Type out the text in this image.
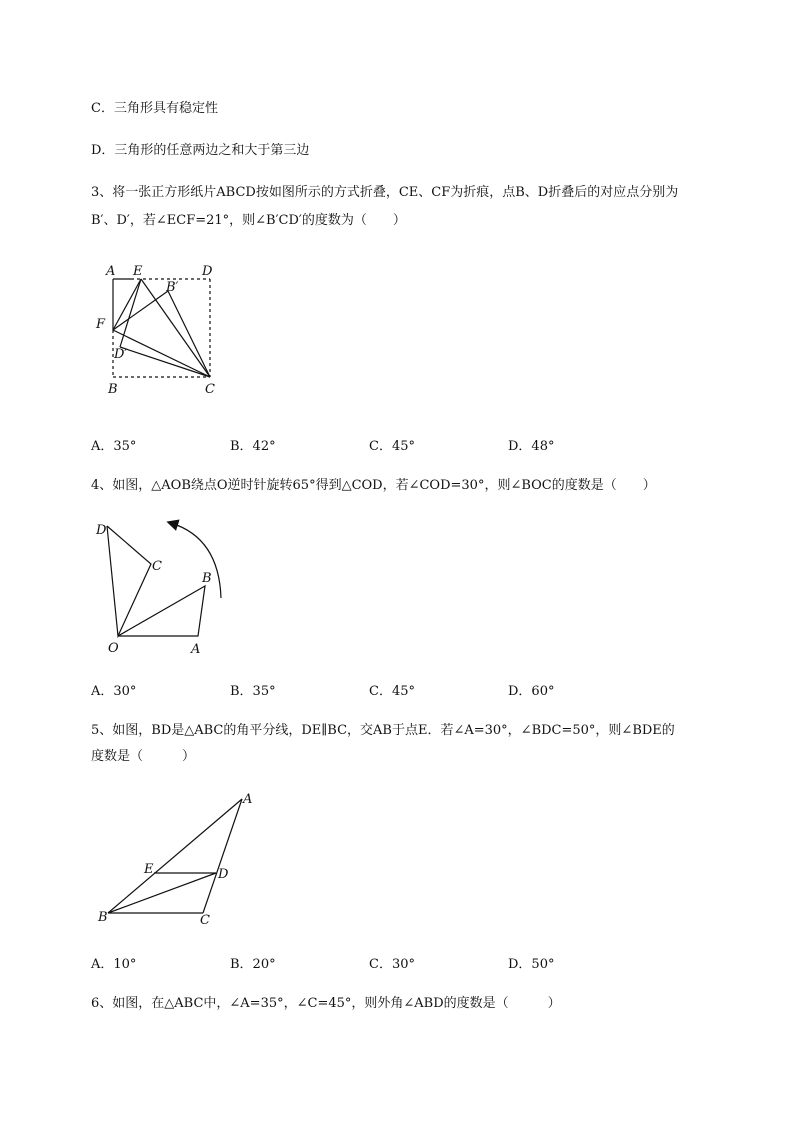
C．三角形具有稳定性
D．三角形的任意两边之和大于第三边
3、将一张正方形纸片ABCD按如图所示的方式折叠，CE、CF为折痕，点B、D折叠后的对应点分别为
B′、D′，若∠ECF=21°，则∠B′CD′的度数为（　　）
A E	D
B′
F
D′
B	C
A．35°	B．42°	C．45°	D．48°
4、如图，△AOB绕点O逆时针旋转65°得到△COD，若∠COD=30°，则∠BOC的度数是（　　）
D
C
B
O	A
A．30°	B．35°	C．45°	D．60°
5、如图，BD是△ABC的角平分线，DE∥BC，交AB于点E．若∠A=30°，∠BDC=50°，则∠BDE的
度数是（　　　）
A
E	D
B	C
A．10°	B．20°	C．30°	D．50°
6、如图，在△ABC中，∠A=35°，∠C=45°，则外角∠ABD的度数是（　　　）
